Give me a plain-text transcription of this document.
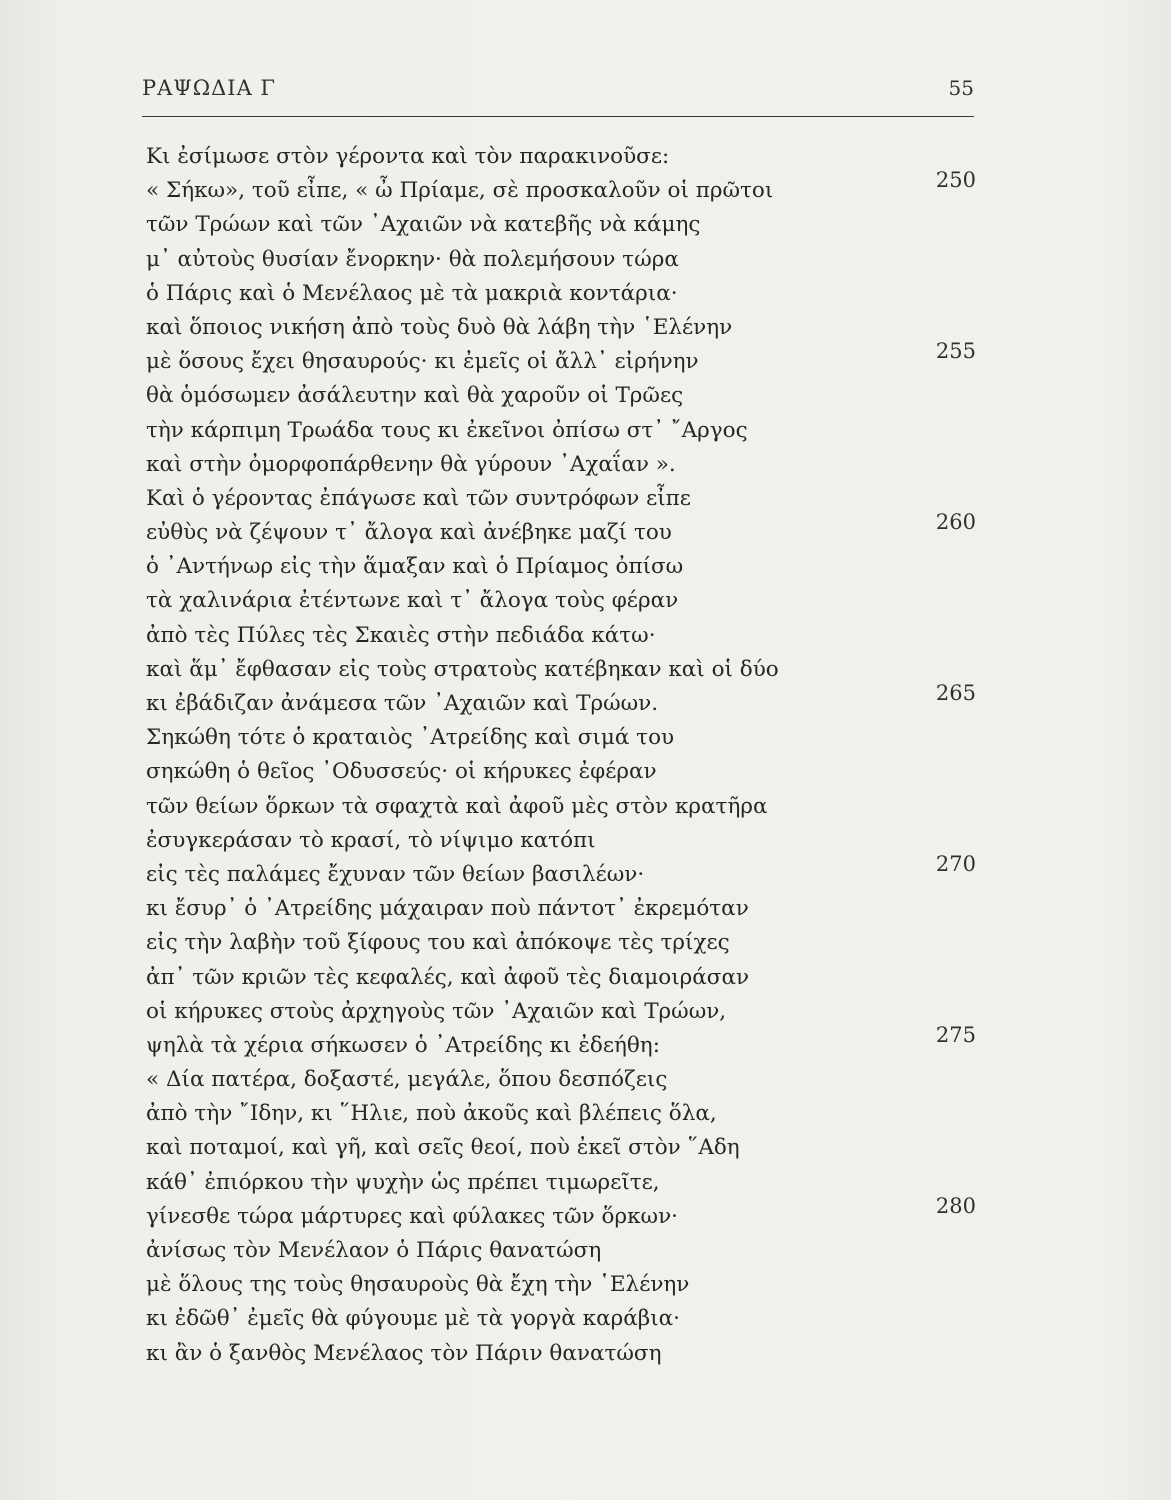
ΡΑΨΩΔΙΑ Γ	55
Κι ἐσίμωσε στὸν γέροντα καὶ τὸν παρακινοῦσε:
« Σήκω», τοῦ εἶπε, « ὦ Πρίαμε, σὲ προσκαλοῦν οἱ πρῶτοι	250
τῶν Τρώων καὶ τῶν ᾿Αχαιῶν νὰ κατεβῆς νὰ κάμης
μ᾿ αὐτοὺς θυσίαν ἔνορκην· θὰ πολεμήσουν τώρα
ὁ Πάρις καὶ ὁ Μενέλαος μὲ τὰ μακριὰ κοντάρια·
καὶ ὅποιος νικήση ἀπὸ τοὺς δυὸ θὰ λάβη τὴν ῾Ελένην
μὲ ὅσους ἔχει θησαυρούς· κι ἐμεῖς οἱ ἄλλ᾿ εἰρήνην	255
θὰ ὁμόσωμεν ἀσάλευτην καὶ θὰ χαροῦν οἱ Τρῶες
τὴν κάρπιμη Τρωάδα τους κι ἐκεῖνοι ὀπίσω στ᾿ ῎Αργος
καὶ στὴν ὀμορφοπάρθενην θὰ γύρουν ᾿Αχαΐαν ».
Καὶ ὁ γέροντας ἐπάγωσε καὶ τῶν συντρόφων εἶπε
εὐθὺς νὰ ζέψουν τ᾿ ἄλογα καὶ ἀνέβηκε μαζί του	260
ὁ ᾿Αντήνωρ εἰς τὴν ἅμαξαν καὶ ὁ Πρίαμος ὀπίσω
τὰ χαλινάρια ἐτέντωνε καὶ τ᾿ ἄλογα τοὺς φέραν
ἀπὸ τὲς Πύλες τὲς Σκαιὲς στὴν πεδιάδα κάτω·
καὶ ἅμ᾿ ἔφθασαν εἰς τοὺς στρατοὺς κατέβηκαν καὶ οἱ δύο
κι ἐβάδιζαν ἀνάμεσα τῶν ᾿Αχαιῶν καὶ Τρώων.	265
Σηκώθη τότε ὁ κραταιὸς ᾿Ατρείδης καὶ σιμά του
σηκώθη ὁ θεῖος ᾿Οδυσσεύς· οἱ κήρυκες ἐφέραν
τῶν θείων ὅρκων τὰ σφαχτὰ καὶ ἀφοῦ μὲς στὸν κρατῆρα
ἐσυγκεράσαν τὸ κρασί, τὸ νίψιμο κατόπι
εἰς τὲς παλάμες ἔχυναν τῶν θείων βασιλέων·	270
κι ἔσυρ᾿ ὁ ᾿Ατρείδης μάχαιραν ποὺ πάντοτ᾿ ἐκρεμόταν
εἰς τὴν λαβὴν τοῦ ξίφους του καὶ ἀπόκοψε τὲς τρίχες
ἀπ᾿ τῶν κριῶν τὲς κεφαλές, καὶ ἀφοῦ τὲς διαμοιράσαν
οἱ κήρυκες στοὺς ἀρχηγοὺς τῶν ᾿Αχαιῶν καὶ Τρώων,
ψηλὰ τὰ χέρια σήκωσεν ὁ ᾿Ατρείδης κι ἐδεήθη:	275
« Δία πατέρα, δοξαστέ, μεγάλε, ὅπου δεσπόζεις
ἀπὸ τὴν ῎Ιδην, κι ῞Ηλιε, ποὺ ἀκοῦς καὶ βλέπεις ὅλα,
καὶ ποταμοί, καὶ γῆ, καὶ σεῖς θεοί, ποὺ ἐκεῖ στὸν ῞Αδη
κάθ᾿ ἐπιόρκου τὴν ψυχὴν ὡς πρέπει τιμωρεῖτε,
γίνεσθε τώρα μάρτυρες καὶ φύλακες τῶν ὅρκων·	280
ἀνίσως τὸν Μενέλαον ὁ Πάρις θανατώση
μὲ ὅλους της τοὺς θησαυροὺς θὰ ἔχη τὴν ῾Ελένην
κι ἐδῶθ᾿ ἐμεῖς θὰ φύγουμε μὲ τὰ γοργὰ καράβια·
κι ἂν ὁ ξανθὸς Μενέλαος τὸν Πάριν θανατώση
